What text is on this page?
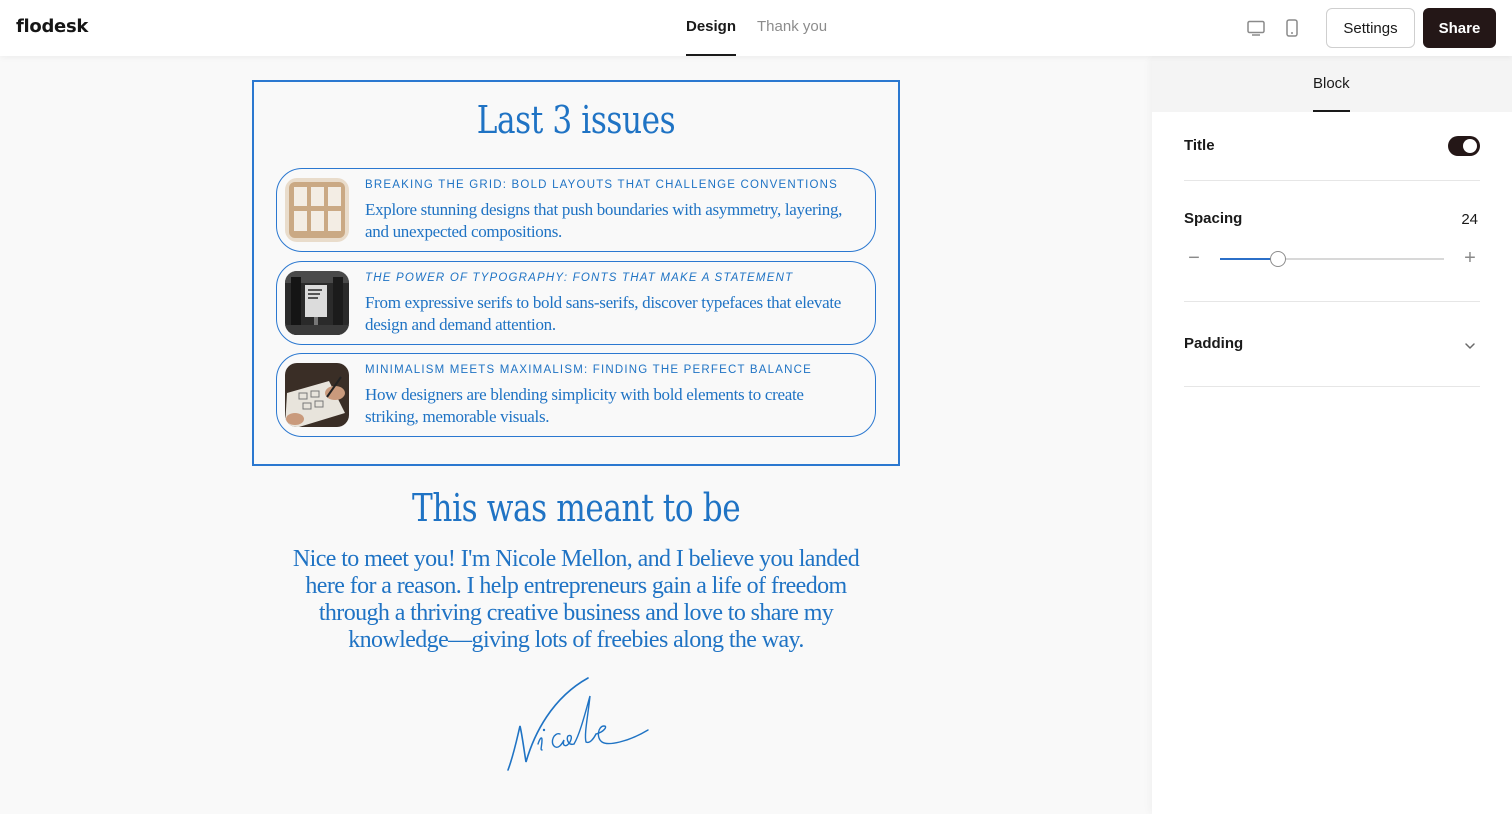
flodesk	Design Thank you	Settings	Share
Last 3 issues
BREAKING THE GRID: BOLD LAYOUTS THAT CHALLENGE CONVENTIONS
Explore stunning designs that push boundaries with asymmetry, layering, and unexpected compositions.
THE POWER OF TYPOGRAPHY: FONTS THAT MAKE A STATEMENT
From expressive serifs to bold sans-serifs, discover typefaces that elevate design and demand attention.
MINIMALISM MEETS MAXIMALISM: FINDING THE PERFECT BALANCE
How designers are blending simplicity with bold elements to create striking, memorable visuals.
This was meant to be
Nice to meet you! I'm Nicole Mellon, and I believe you landed here for a reason. I help entrepreneurs gain a life of freedom through a thriving creative business and love to share my knowledge—giving lots of freebies along the way.
Block
Title
Spacing	24
−	+
Padding
